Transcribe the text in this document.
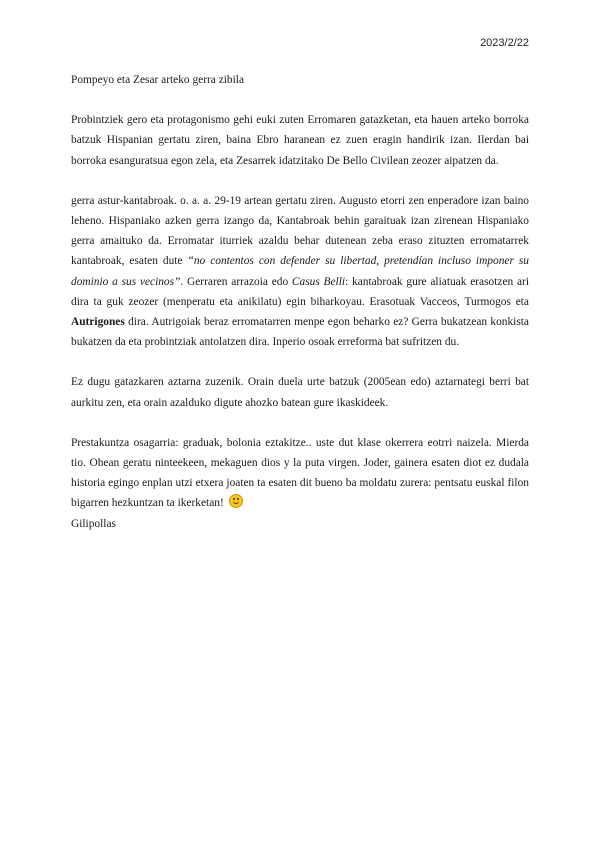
2023/2/22

Pompeyo eta Zesar arteko gerra zibila

Probintziek gero eta protagonismo gehi euki zuten Erromaren gatazketan, eta hauen arteko borroka batzuk Hispanian gertatu ziren, baina Ebro haranean ez zuen eragin handirik izan. Ilerdan bai borroka esanguratsua egon zela, eta Zesarrek idatzitako De Bello Civilean zeozer aipatzen da.

gerra astur-kantabroak. o. a. a. 29-19 artean gertatu ziren. Augusto etorri zen enperadore izan baino leheno. Hispaniako azken gerra izango da, Kantabroak behin garaituak izan zirenean Hispaniako gerra amaituko da. Erromatar iturriek azaldu behar dutenean zeba eraso zituzten erromatarrek kantabroak, esaten dute “no contentos con defender su libertad, pretendían incluso imponer su dominio a sus vecinos”. Gerraren arrazoia edo Casus Belli: kantabroak gure aliatuak erasotzen ari dira ta guk zeozer (menperatu eta anikilatu) egin biharkoyau. Erasotuak Vacceos, Turmogos eta Autrigones dira. Autrigoiak beraz erromatarren menpe egon beharko ez? Gerra bukatzean konkista bukatzen da eta probintziak antolatzen dira. Inperio osoak erreforma bat sufritzen du.

Ez dugu gatazkaren aztarna zuzenik. Orain duela urte batzuk (2005ean edo) aztarnategi berri bat aurkitu zen, eta orain azalduko digute ahozko batean gure ikaskideek.

Prestakuntza osagarria: graduak, bolonia eztakitze.. uste dut klase okerrera eotrri naizela. Mierda tio. Ohean geratu ninteekeen, mekaguen dios y la puta virgen. Joder, gainera esaten diot ez dudala historia egingo enplan utzi etxera joaten ta esaten dit bueno ba moldatu zurera: pentsatu euskal filon bigarren hezkuntzan ta ikerketan!

Gilipollas
